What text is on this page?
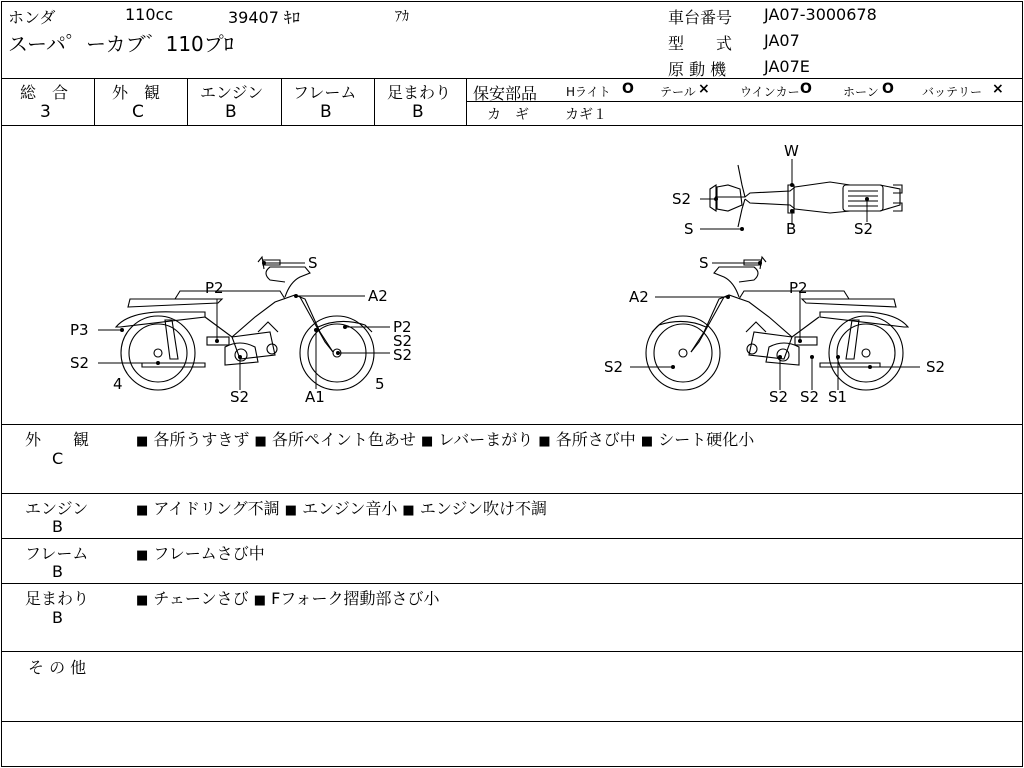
ホンダ	110cc	39407 ｷﾛ	ｱｶ
スーパ゜ーカブ゛110プﾛ
車台番号 JA07-3000678
型　　式 JA07
原 動 機 JA07E
総　合
3
外　観
C
エンジン
B
フレーム
B
足まわり
B
保安部品 Hライト O テール ×	ウインカー O	ホーン O バッテリー ×
カ　ギ	カギ１
S
A2
P2
P3	P2
S2
S2
S2
4
S2	A1
5
S
A2	P2
S2
S2 S2 S1
S2
W
S2
S	B	S2
外　　観
C
■ 各所うすきず ■ 各所ペイント色あせ ■ レバーまがり ■ 各所さび中 ■ シート硬化小
エンジン
B
■ アイドリング不調 ■ エンジン音小 ■ エンジン吹け不調
フレーム
B
■ フレームさび中
足まわり
B
■ チェーンさび ■ Fフォーク摺動部さび小
そ の 他
